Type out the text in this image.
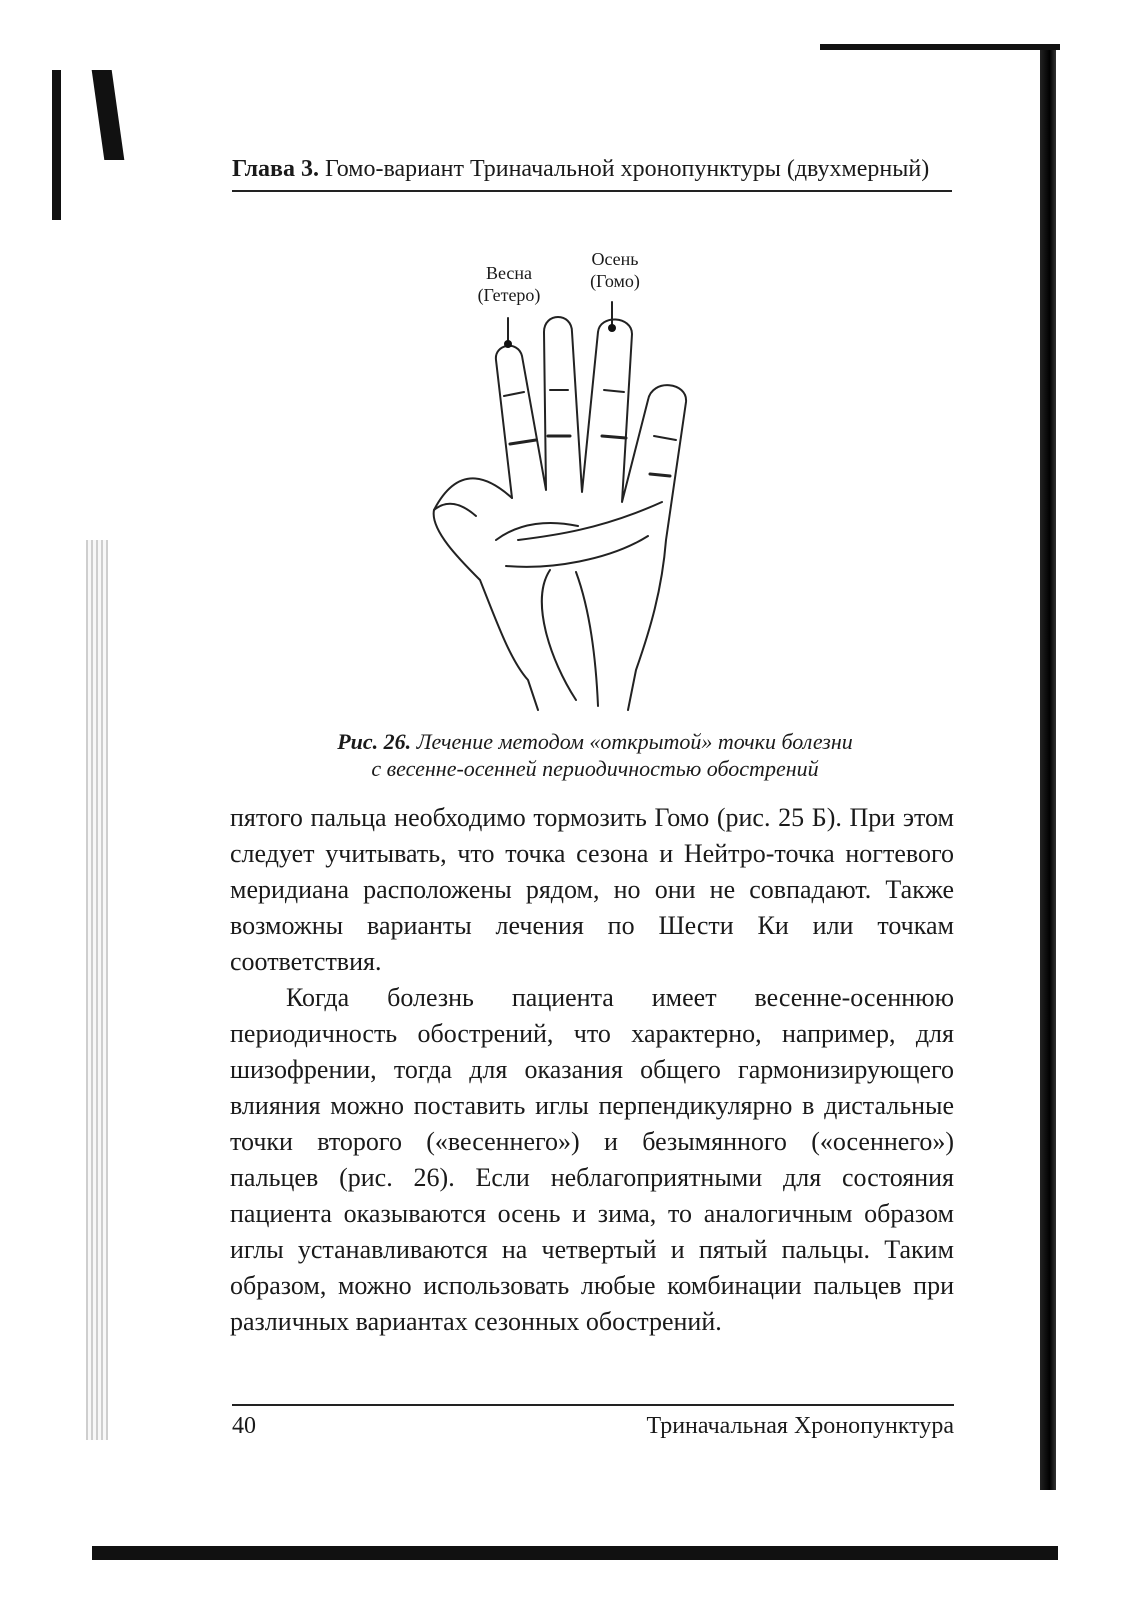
Глава 3. Гомо-вариант Триначальной хронопунктуры (двухмерный)
Весна
(Гетеро)
Осень
(Гомо)
Рис. 26. Лечение методом «открытой» точки болезни
с весенне-осенней периодичностью обострений

пятого пальца необходимо тормозить Гомо (рис. 25 Б). При этом следует учитывать, что точка сезона и Нейтро-точка ногтевого меридиана расположены рядом, но они не совпадают. Также возможны варианты лечения по Шести Ки или точкам соответствия.

Когда болезнь пациента имеет весенне-осеннюю периодичность обострений, что характерно, например, для шизофрении, тогда для оказания общего гармонизирующего влияния можно поставить иглы перпендикулярно в дистальные точки второго («весеннего») и безымянного («осеннего») пальцев (рис. 26). Если неблагоприятными для состояния пациента оказываются осень и зима, то аналогичным образом иглы устанавливаются на четвертый и пятый пальцы. Таким образом, можно использовать любые комбинации пальцев при различных вариантах сезонных обострений.

40	Триначальная Хронопунктура
